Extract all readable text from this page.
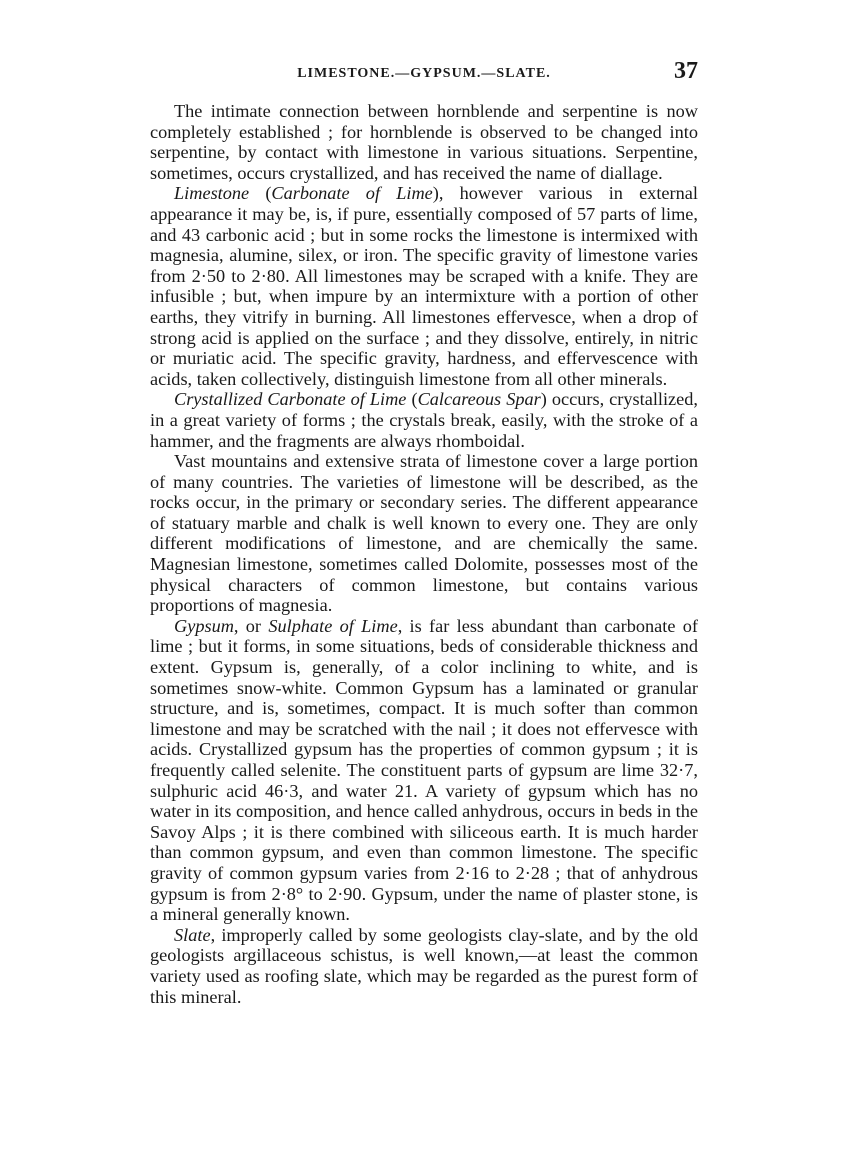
LIMESTONE.—GYPSUM.—SLATE.	37

The intimate connection between hornblende and serpentine is now completely established ; for hornblende is observed to be changed into serpentine, by contact with limestone in various situations. Serpentine, sometimes, occurs crystallized, and has received the name of diallage.

Limestone (Carbonate of Lime), however various in external appearance it may be, is, if pure, essentially composed of 57 parts of lime, and 43 carbonic acid ; but in some rocks the limestone is intermixed with magnesia, alumine, silex, or iron. The specific gravity of limestone varies from 2·50 to 2·80. All limestones may be scraped with a knife. They are infusible ; but, when impure by an intermixture with a portion of other earths, they vitrify in burning. All limestones effervesce, when a drop of strong acid is applied on the surface ; and they dissolve, entirely, in nitric or muriatic acid. The specific gravity, hardness, and effervescence with acids, taken collectively, distinguish limestone from all other minerals.

Crystallized Carbonate of Lime (Calcareous Spar) occurs, crystallized, in a great variety of forms ; the crystals break, easily, with the stroke of a hammer, and the fragments are always rhomboidal.

Vast mountains and extensive strata of limestone cover a large portion of many countries. The varieties of limestone will be described, as the rocks occur, in the primary or secondary series. The different appearance of statuary marble and chalk is well known to every one. They are only different modifications of limestone, and are chemically the same. Magnesian limestone, sometimes called Dolomite, possesses most of the physical characters of common limestone, but contains various proportions of magnesia.

Gypsum, or Sulphate of Lime, is far less abundant than carbonate of lime ; but it forms, in some situations, beds of considerable thickness and extent. Gypsum is, generally, of a color inclining to white, and is sometimes snow-white. Common Gypsum has a laminated or granular structure, and is, sometimes, compact. It is much softer than common limestone and may be scratched with the nail ; it does not effervesce with acids. Crystallized gypsum has the properties of common gypsum ; it is frequently called selenite. The constituent parts of gypsum are lime 32·7, sulphuric acid 46·3, and water 21. A variety of gypsum which has no water in its composition, and hence called anhydrous, occurs in beds in the Savoy Alps ; it is there combined with siliceous earth. It is much harder than common gypsum, and even than common limestone. The specific gravity of common gypsum varies from 2·16 to 2·28 ; that of anhydrous gypsum is from 2·8° to 2·90. Gypsum, under the name of plaster stone, is a mineral generally known.

Slate, improperly called by some geologists clay-slate, and by the old geologists argillaceous schistus, is well known,—at least the common variety used as roofing slate, which may be regarded as the purest form of this mineral.
